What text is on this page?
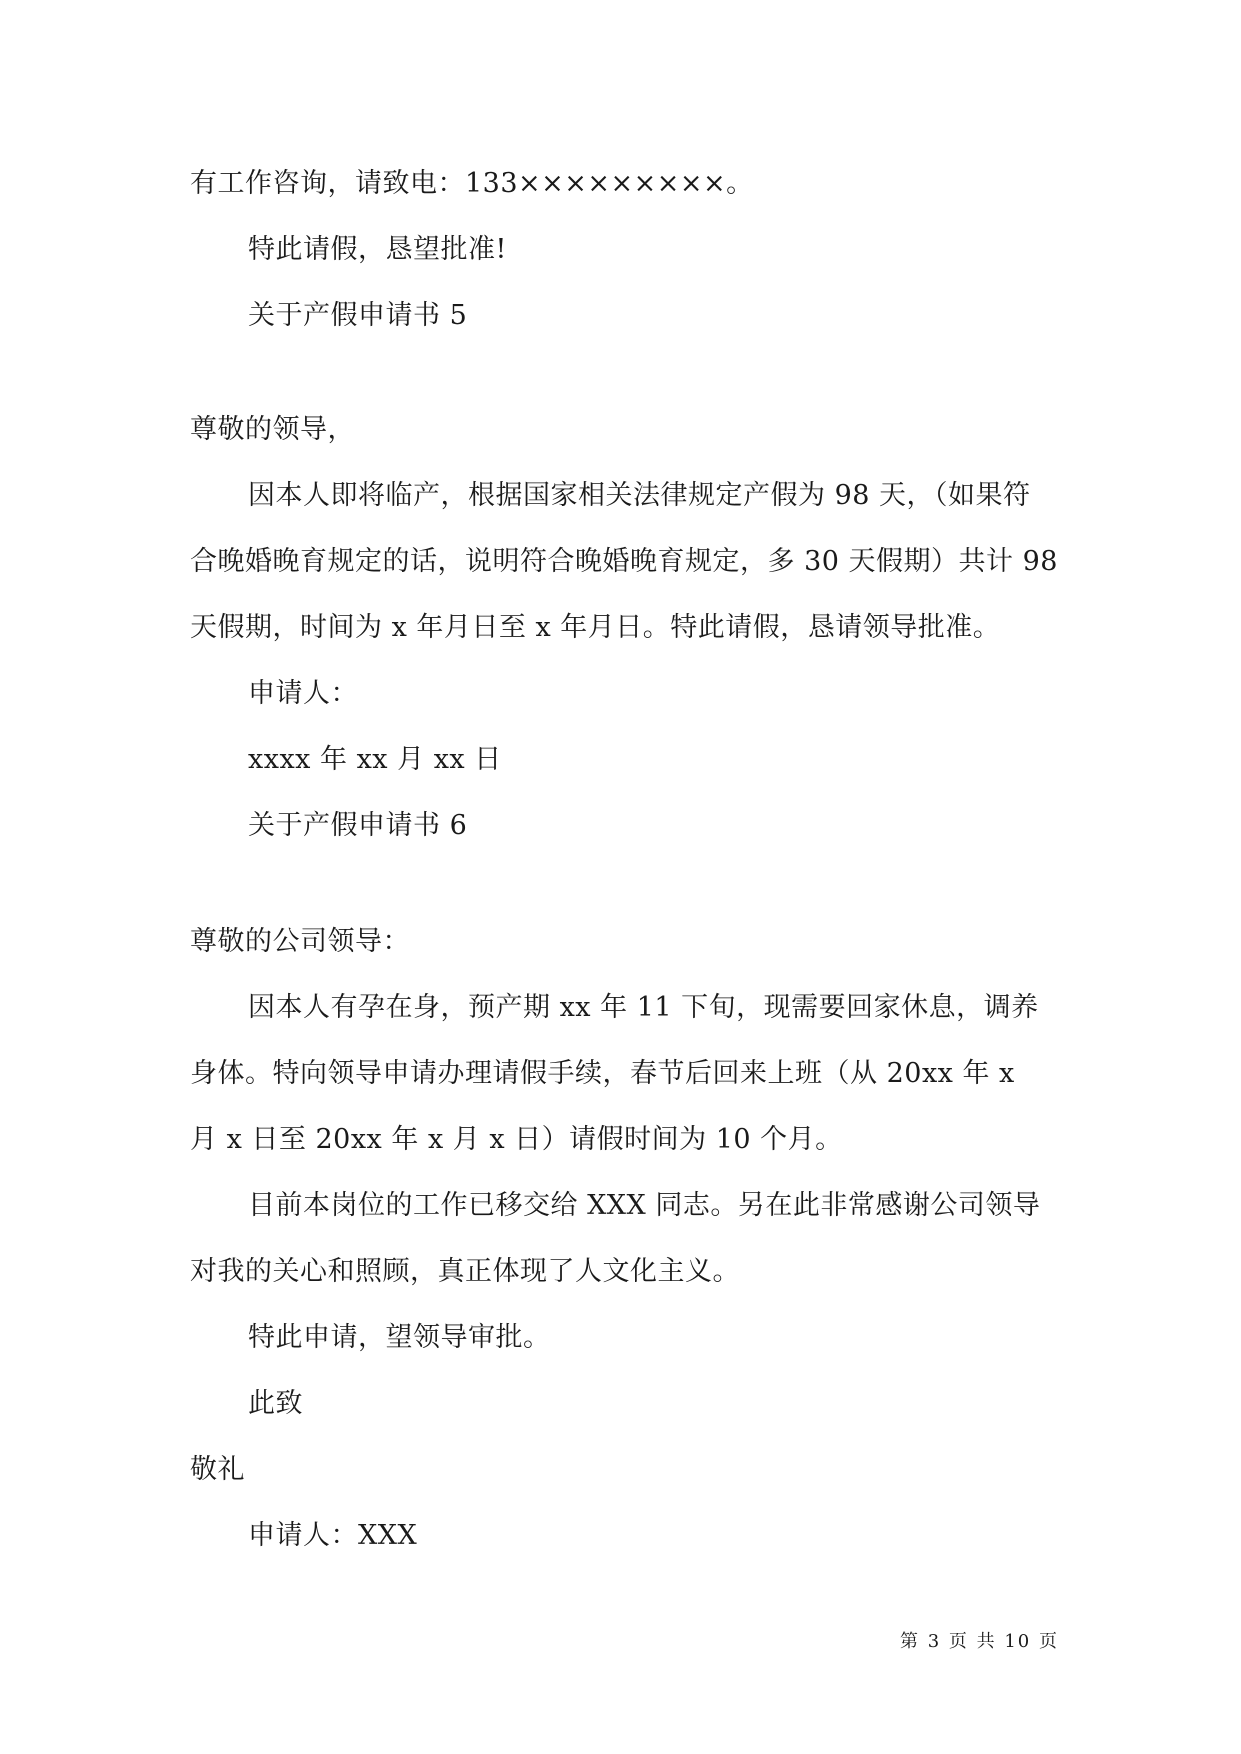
有工作咨询，请致电：133×××××××××。
特此请假，恳望批准!
关于产假申请书 5
尊敬的领导，
因本人即将临产，根据国家相关法律规定产假为 98 天，（如果符
合晚婚晚育规定的话，说明符合晚婚晚育规定，多 30 天假期）共计 98
天假期，时间为 x 年月日至 x 年月日。特此请假，恳请领导批准。
申请人：
xxxx 年 xx 月 xx 日
关于产假申请书 6
尊敬的公司领导：
因本人有孕在身，预产期 xx 年 11 下旬，现需要回家休息，调养
身体。特向领导申请办理请假手续，春节后回来上班（从 20xx 年 x
月 x 日至 20xx 年 x 月 x 日）请假时间为 10 个月。
目前本岗位的工作已移交给 XXX 同志。另在此非常感谢公司领导
对我的关心和照顾，真正体现了人文化主义。
特此申请，望领导审批。
此致
敬礼
申请人：XXX
第 3 页 共 10 页
